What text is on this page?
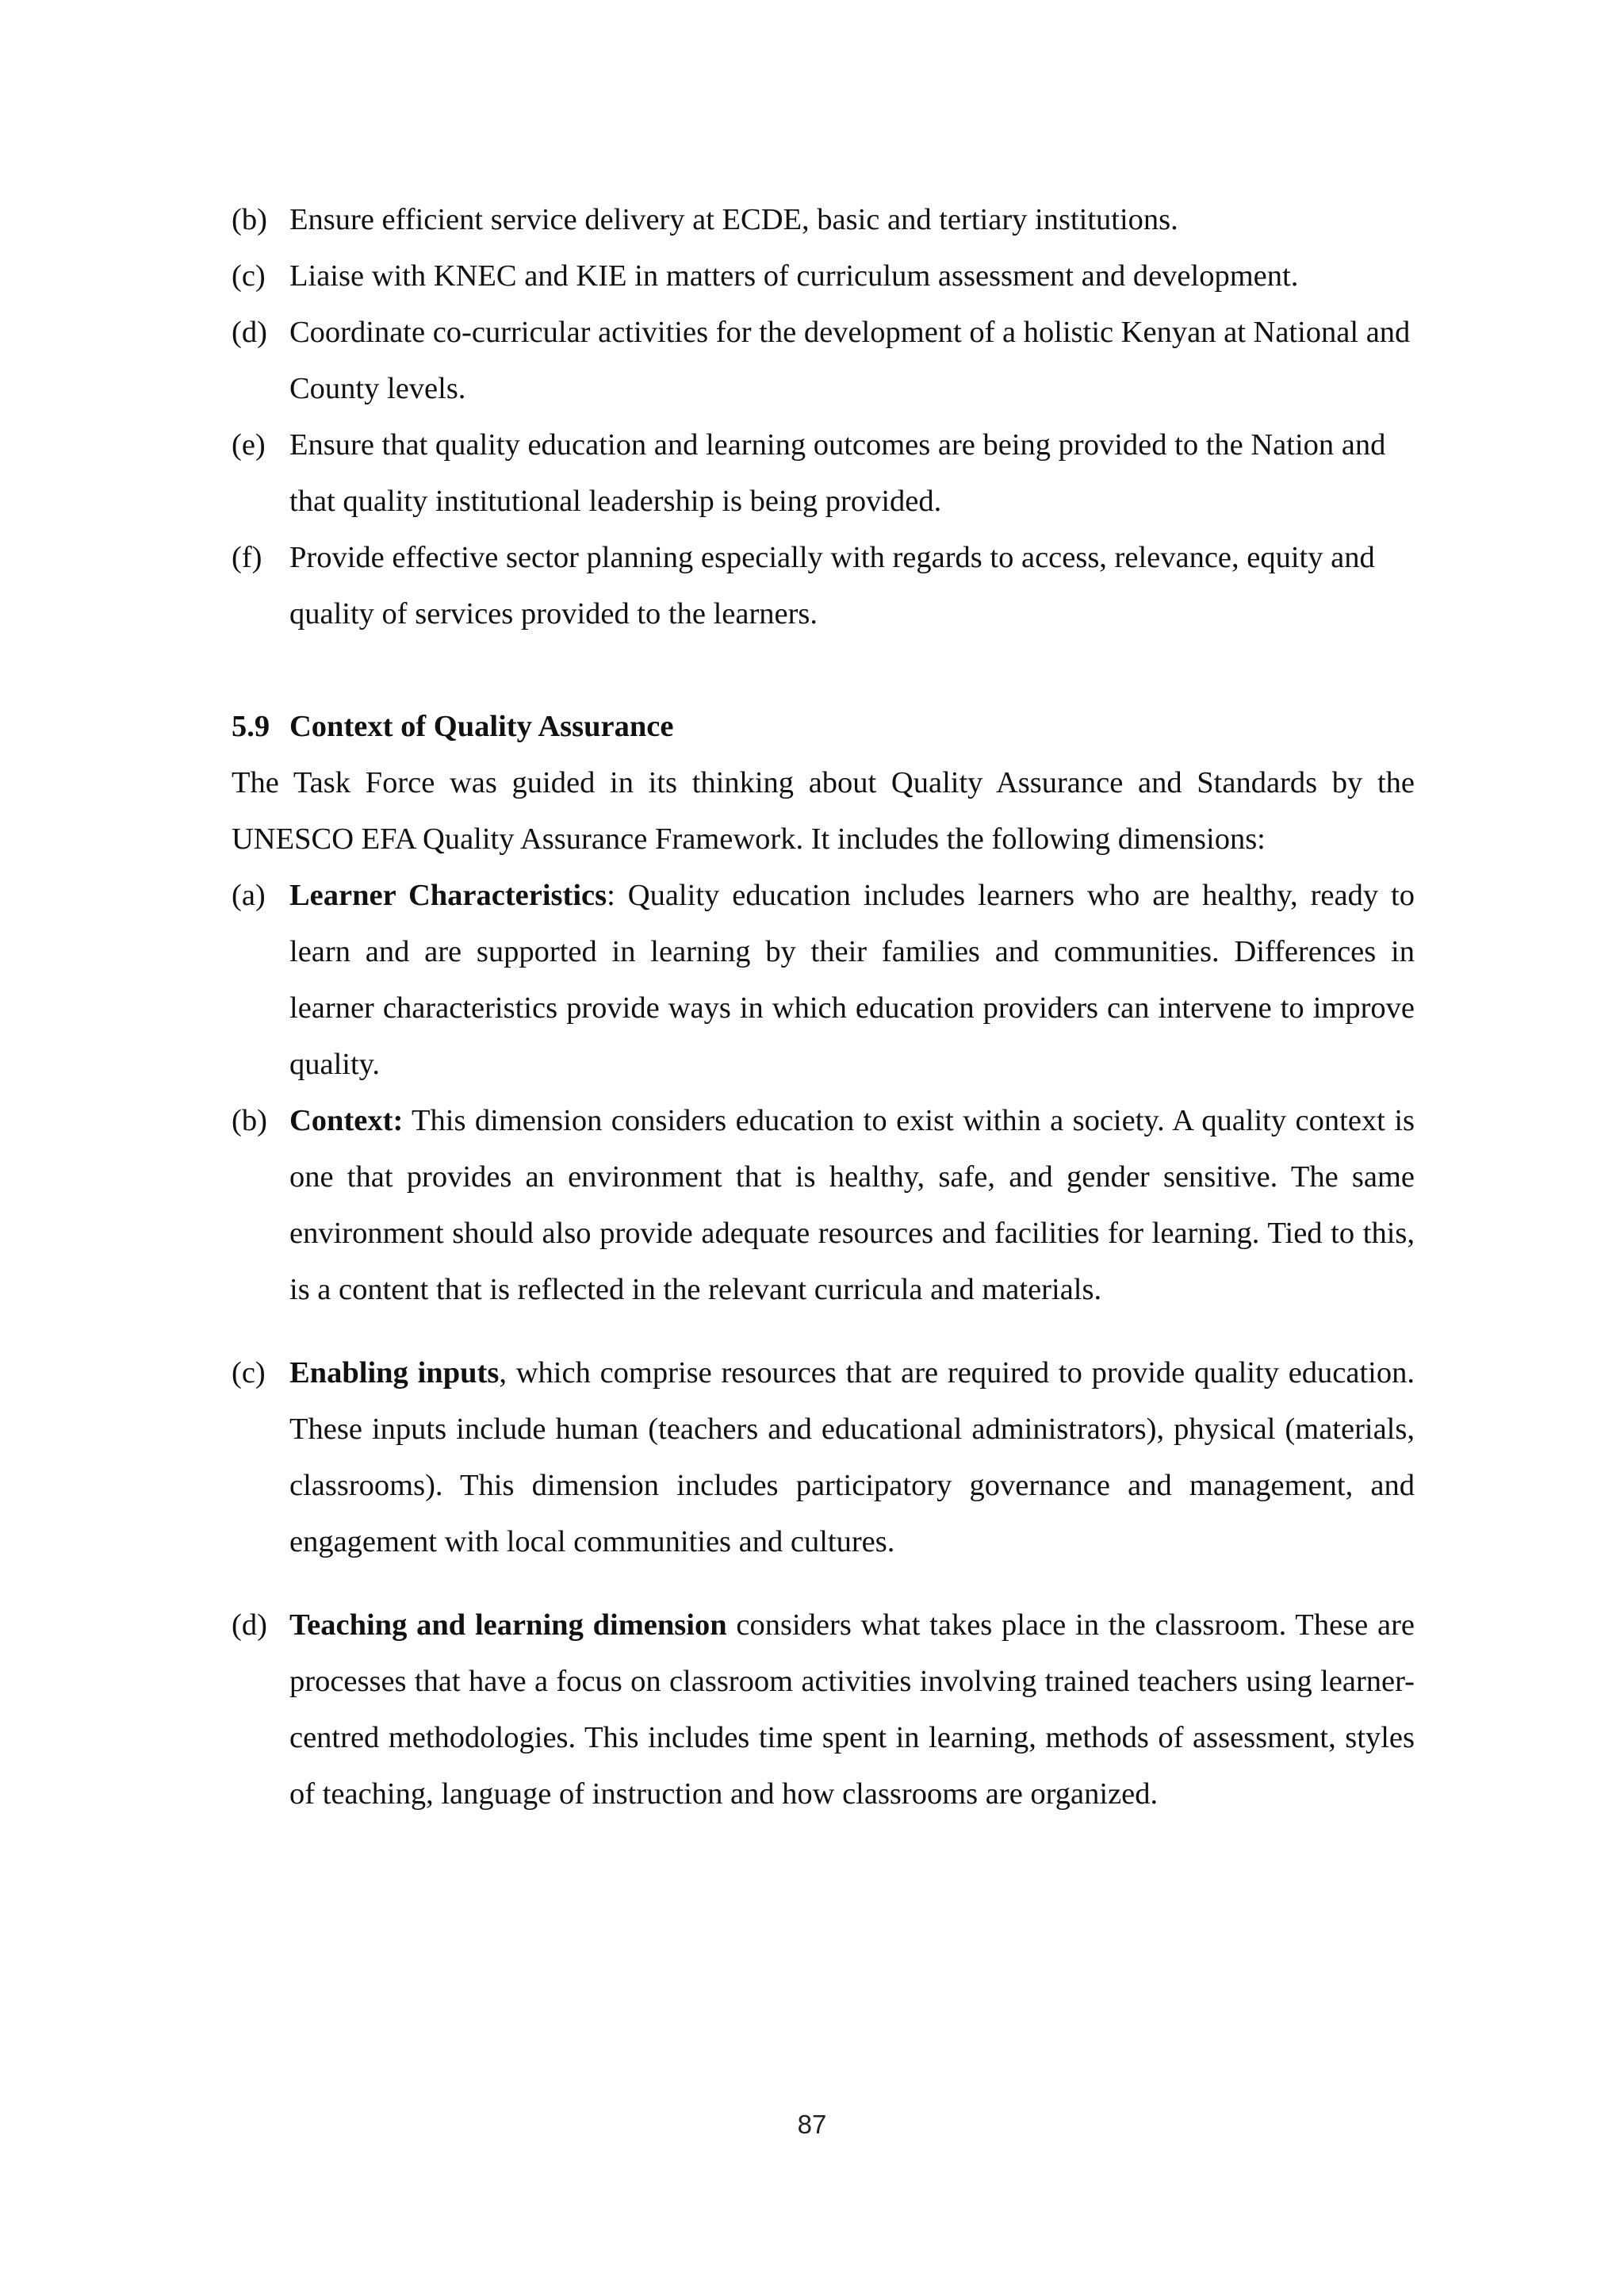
(b) Ensure efficient service delivery at ECDE, basic and tertiary institutions.
(c) Liaise with KNEC and KIE in matters of curriculum assessment and development.
(d) Coordinate co-curricular activities for the development of a holistic Kenyan at National and County levels.
(e) Ensure that quality education and learning outcomes are being provided to the Nation and that quality institutional leadership is being provided.
(f) Provide effective sector planning especially with regards to access, relevance, equity and quality of services provided to the learners.
5.9 Context of Quality Assurance
The Task Force was guided in its thinking about Quality Assurance and Standards by the UNESCO EFA Quality Assurance Framework. It includes the following dimensions:
(a) Learner Characteristics: Quality education includes learners who are healthy, ready to learn and are supported in learning by their families and communities. Differences in learner characteristics provide ways in which education providers can intervene to improve quality.
(b) Context: This dimension considers education to exist within a society. A quality context is one that provides an environment that is healthy, safe, and gender sensitive. The same environment should also provide adequate resources and facilities for learning. Tied to this, is a content that is reflected in the relevant curricula and materials.
(c) Enabling inputs, which comprise resources that are required to provide quality education. These inputs include human (teachers and educational administrators), physical (materials, classrooms). This dimension includes participatory governance and management, and engagement with local communities and cultures.
(d) Teaching and learning dimension considers what takes place in the classroom. These are processes that have a focus on classroom activities involving trained teachers using learner-centred methodologies. This includes time spent in learning, methods of assessment, styles of teaching, language of instruction and how classrooms are organized.
87
